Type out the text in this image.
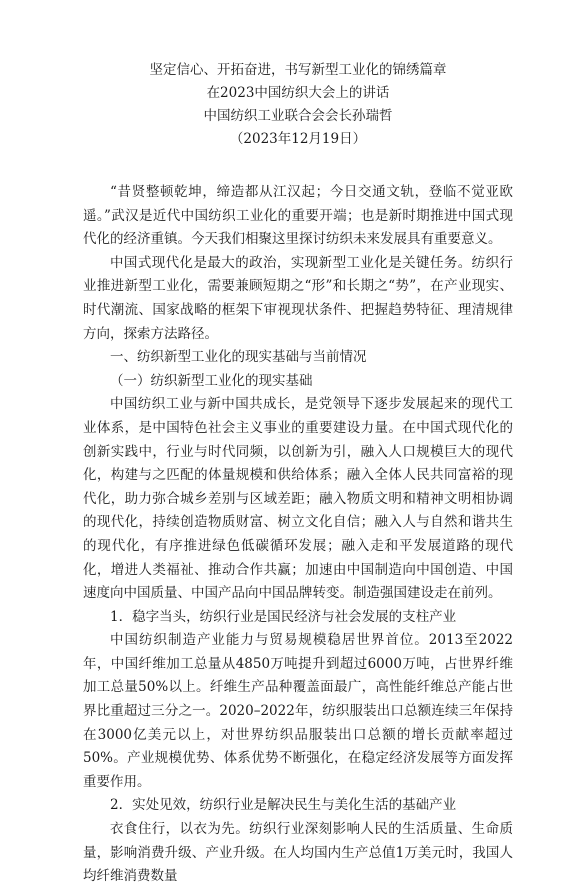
坚定信心、开拓奋进，书写新型工业化的锦绣篇章
在2023中国纺织大会上的讲话
中国纺织工业联合会会长孙瑞哲
（2023年12月19日）

“昔贤整顿乾坤，缔造都从江汉起；今日交通文轨，登临不觉亚欧遥。”武汉是近代中国纺织工业化的重要开端；也是新时期推进中国式现代化的经济重镇。今天我们相聚这里探讨纺织未来发展具有重要意义。

中国式现代化是最大的政治，实现新型工业化是关键任务。纺织行业推进新型工业化，需要兼顾短期之“形”和长期之“势”，在产业现实、时代潮流、国家战略的框架下审视现状条件、把握趋势特征、理清规律方向，探索方法路径。

一、纺织新型工业化的现实基础与当前情况

（一）纺织新型工业化的现实基础

中国纺织工业与新中国共成长，是党领导下逐步发展起来的现代工业体系，是中国特色社会主义事业的重要建设力量。在中国式现代化的创新实践中，行业与时代同频，以创新为引，融入人口规模巨大的现代化，构建与之匹配的体量规模和供给体系；融入全体人民共同富裕的现代化，助力弥合城乡差别与区域差距；融入物质文明和精神文明相协调的现代化，持续创造物质财富、树立文化自信；融入人与自然和谐共生的现代化，有序推进绿色低碳循环发展；融入走和平发展道路的现代化，增进人类福祉、推动合作共赢；加速由中国制造向中国创造、中国速度向中国质量、中国产品向中国品牌转变。制造强国建设走在前列。

1．稳字当头，纺织行业是国民经济与社会发展的支柱产业

中国纺织制造产业能力与贸易规模稳居世界首位。2013至2022年，中国纤维加工总量从4850万吨提升到超过6000万吨，占世界纤维加工总量50%以上。纤维生产品种覆盖面最广，高性能纤维总产能占世界比重超过三分之一。2020–2022年，纺织服装出口总额连续三年保持在3000亿美元以上，对世界纺织品服装出口总额的增长贡献率超过50%。产业规模优势、体系优势不断强化，在稳定经济发展等方面发挥重要作用。

2．实处见效，纺织行业是解决民生与美化生活的基础产业

衣食住行，以衣为先。纺织行业深刻影响人民的生活质量、生命质量，影响消费升级、产业升级。在人均国内生产总值1万美元时，我国人均纤维消费数量
